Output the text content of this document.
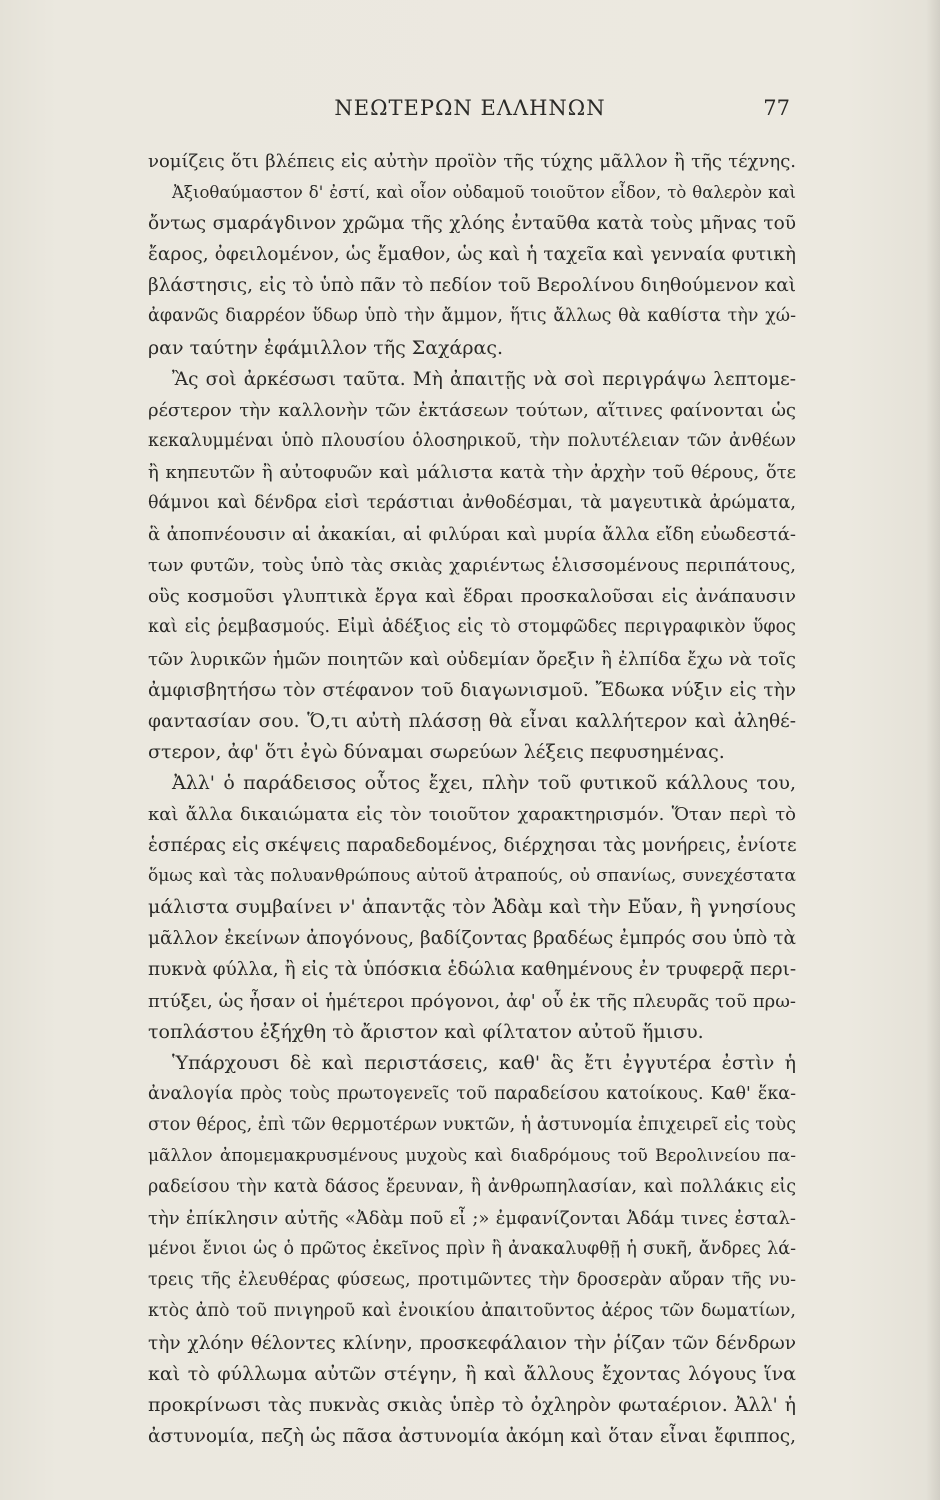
ΝΕΩΤΕΡΩΝ ΕΛΛΗΝΩΝ	77
νομίζεις ὅτι βλέπεις εἰς αὐτὴν προϊὸν τῆς τύχης μᾶλλον ἢ τῆς τέχνης.
Ἀξιοθαύμαστον δ' ἐστί, καὶ οἷον οὐδαμοῦ τοιοῦτον εἶδον, τὸ θαλερὸν καὶ
ὄντως σμαράγδινον χρῶμα τῆς χλόης ἐνταῦθα κατὰ τοὺς μῆνας τοῦ
ἔαρος, ὀφειλομένον, ὡς ἔμαθον, ὡς καὶ ἡ ταχεῖα καὶ γενναία φυτικὴ
βλάστησις, εἰς τὸ ὑπὸ πᾶν τὸ πεδίον τοῦ Βερολίνου διηθούμενον καὶ
ἀφανῶς διαρρέον ὕδωρ ὑπὸ τὴν ἄμμον, ἥτις ἄλλως θὰ καθίστα τὴν χώ-
ραν ταύτην ἐφάμιλλον τῆς Σαχάρας.
Ἂς σοὶ ἀρκέσωσι ταῦτα. Μὴ ἀπαιτῇς νὰ σοὶ περιγράψω λεπτομε-
ρέστερον τὴν καλλονὴν τῶν ἐκτάσεων τούτων, αἵτινες φαίνονται ὡς
κεκαλυμμέναι ὑπὸ πλουσίου ὁλοσηρικοῦ, τὴν πολυτέλειαν τῶν ἀνθέων
ἢ κηπευτῶν ἢ αὐτοφυῶν καὶ μάλιστα κατὰ τὴν ἀρχὴν τοῦ θέρους, ὅτε
θάμνοι καὶ δένδρα εἰσὶ τεράστιαι ἀνθοδέσμαι, τὰ μαγευτικὰ ἀρώματα,
ἃ ἀποπνέουσιν αἱ ἀκακίαι, αἱ φιλύραι καὶ μυρία ἄλλα εἴδη εὐωδεστά-
των φυτῶν, τοὺς ὑπὸ τὰς σκιὰς χαριέντως ἑλισσομένους περιπάτους,
οὓς κοσμοῦσι γλυπτικὰ ἔργα καὶ ἕδραι προσκαλοῦσαι εἰς ἀνάπαυσιν
καὶ εἰς ῥεμβασμούς. Εἰμὶ ἀδέξιος εἰς τὸ στομφῶδες περιγραφικὸν ὕφος
τῶν λυρικῶν ἡμῶν ποιητῶν καὶ οὐδεμίαν ὄρεξιν ἢ ἐλπίδα ἔχω νὰ τοῖς
ἀμφισβητήσω τὸν στέφανον τοῦ διαγωνισμοῦ. Ἔδωκα νύξιν εἰς τὴν
φαντασίαν σου. Ὅ,τι αὐτὴ πλάσσῃ θὰ εἶναι καλλήτερον καὶ ἀληθέ-
στερον, ἀφ' ὅτι ἐγὼ δύναμαι σωρεύων λέξεις πεφυσημένας.
Ἀλλ' ὁ παράδεισος οὗτος ἔχει, πλὴν τοῦ φυτικοῦ κάλλους του,
καὶ ἄλλα δικαιώματα εἰς τὸν τοιοῦτον χαρακτηρισμόν. Ὅταν περὶ τὸ
ἑσπέρας εἰς σκέψεις παραδεδομένος, διέρχησαι τὰς μονήρεις, ἐνίοτε
ὅμως καὶ τὰς πολυανθρώπους αὐτοῦ ἀτραπούς, οὐ σπανίως, συνεχέστατα
μάλιστα συμβαίνει ν' ἀπαντᾷς τὸν Ἀδὰμ καὶ τὴν Εὔαν, ἢ γνησίους
μᾶλλον ἐκείνων ἀπογόνους, βαδίζοντας βραδέως ἐμπρός σου ὑπὸ τὰ
πυκνὰ φύλλα, ἢ εἰς τὰ ὑπόσκια ἑδώλια καθημένους ἐν τρυφερᾷ περι-
πτύξει, ὡς ἦσαν οἱ ἡμέτεροι πρόγονοι, ἀφ' οὗ ἐκ τῆς πλευρᾶς τοῦ πρω-
τοπλάστου ἐξήχθη τὸ ἄριστον καὶ φίλτατον αὐτοῦ ἥμισυ.
Ὑπάρχουσι δὲ καὶ περιστάσεις, καθ' ἃς ἔτι ἐγγυτέρα ἐστὶν ἡ
ἀναλογία πρὸς τοὺς πρωτογενεῖς τοῦ παραδείσου κατοίκους. Καθ' ἕκα-
στον θέρος, ἐπὶ τῶν θερμοτέρων νυκτῶν, ἡ ἀστυνομία ἐπιχειρεῖ εἰς τοὺς
μᾶλλον ἀπομεμακρυσμένους μυχοὺς καὶ διαδρόμους τοῦ Βερολινείου πα-
ραδείσου τὴν κατὰ δάσος ἔρευναν, ἢ ἀνθρωπηλασίαν, καὶ πολλάκις εἰς
τὴν ἐπίκλησιν αὐτῆς «Ἀδὰμ ποῦ εἶ ;» ἐμφανίζονται Ἀδάμ τινες ἐσταλ-
μένοι ἔνιοι ὡς ὁ πρῶτος ἐκεῖνος πρὶν ἢ ἀνακαλυφθῇ ἡ συκῆ, ἄνδρες λά-
τρεις τῆς ἐλευθέρας φύσεως, προτιμῶντες τὴν δροσερὰν αὔραν τῆς νυ-
κτὸς ἀπὸ τοῦ πνιγηροῦ καὶ ἐνοικίου ἀπαιτοῦντος ἀέρος τῶν δωματίων,
τὴν χλόην θέλοντες κλίνην, προσκεφάλαιον τὴν ῥίζαν τῶν δένδρων
καὶ τὸ φύλλωμα αὐτῶν στέγην, ἢ καὶ ἄλλους ἔχοντας λόγους ἵνα
προκρίνωσι τὰς πυκνὰς σκιὰς ὑπὲρ τὸ ὀχληρὸν φωταέριον. Ἀλλ' ἡ
ἀστυνομία, πεζὴ ὡς πᾶσα ἀστυνομία ἀκόμη καὶ ὅταν εἶναι ἔφιππος,
